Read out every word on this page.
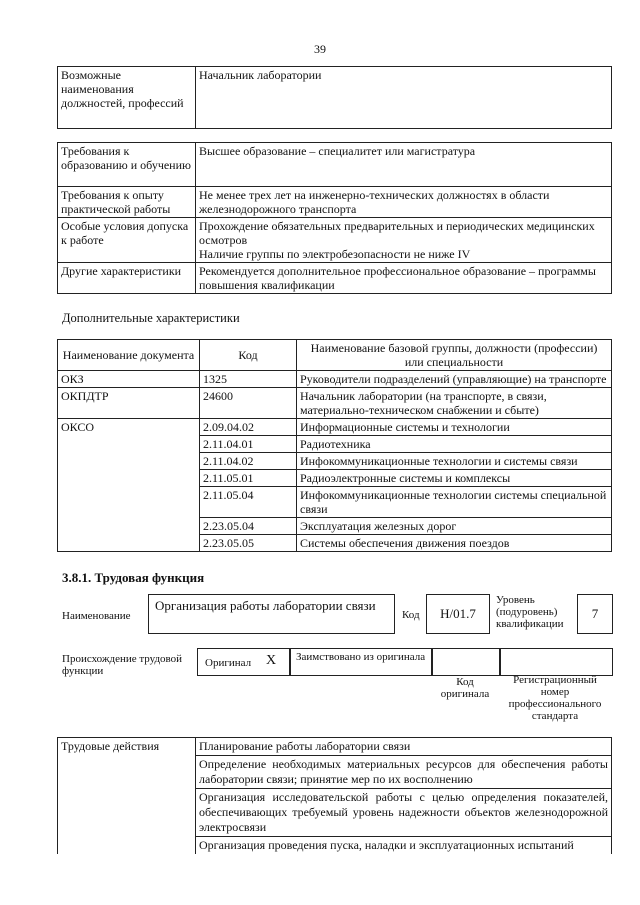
39
Возможные наименования должностей, профессий	Начальник лаборатории
Требования к образованию и обучению	Высшее образование – специалитет или магистратура

Требования к опыту практической работы	Не менее трех лет на инженерно-технических должностях в области железнодорожного транспорта

Особые условия допуска к работе	Прохождение обязательных предварительных и периодических медицинских осмотров
Наличие группы по электробезопасности не ниже IV

Другие характеристики	Рекомендуется дополнительное профессиональное образование – программы повышения квалификации
Дополнительные характеристики
Наименование документа	Код	Наименование базовой группы, должности (профессии) или специальности
ОКЗ	1325	Руководители подразделений (управляющие) на транспорте
ОКПДТР	24600	Начальник лаборатории (на транспорте, в связи, материально-техническом снабжении и сбыте)
ОКСО	2.09.04.02	Информационные системы и технологии
	2.11.04.01	Радиотехника
	2.11.04.02	Инфокоммуникационные технологии и системы связи
	2.11.05.01	Радиоэлектронные системы и комплексы
	2.11.05.04	Инфокоммуникационные технологии системы специальной связи
	2.23.05.04	Эксплуатация железных дорог
	2.23.05.05	Системы обеспечения движения поездов
3.8.1. Трудовая функция
Наименование
Организация работы лаборатории связи
Код	H/01.7
Уровень (подуровень) квалификации
7
Происхождение трудовой функции
Оригинал X	Заимствовано из оригинала
Код оригинала
Регистрационный номер профессионального стандарта
Трудовые действия	Планирование работы лаборатории связи
Определение необходимых материальных ресурсов для обеспечения работы лаборатории связи; принятие мер по их восполнению
Организация исследовательской работы с целью определения показателей, обеспечивающих требуемый уровень надежности объектов железнодорожной электросвязи
Организация проведения пуска, наладки и эксплуатационных испытаний
